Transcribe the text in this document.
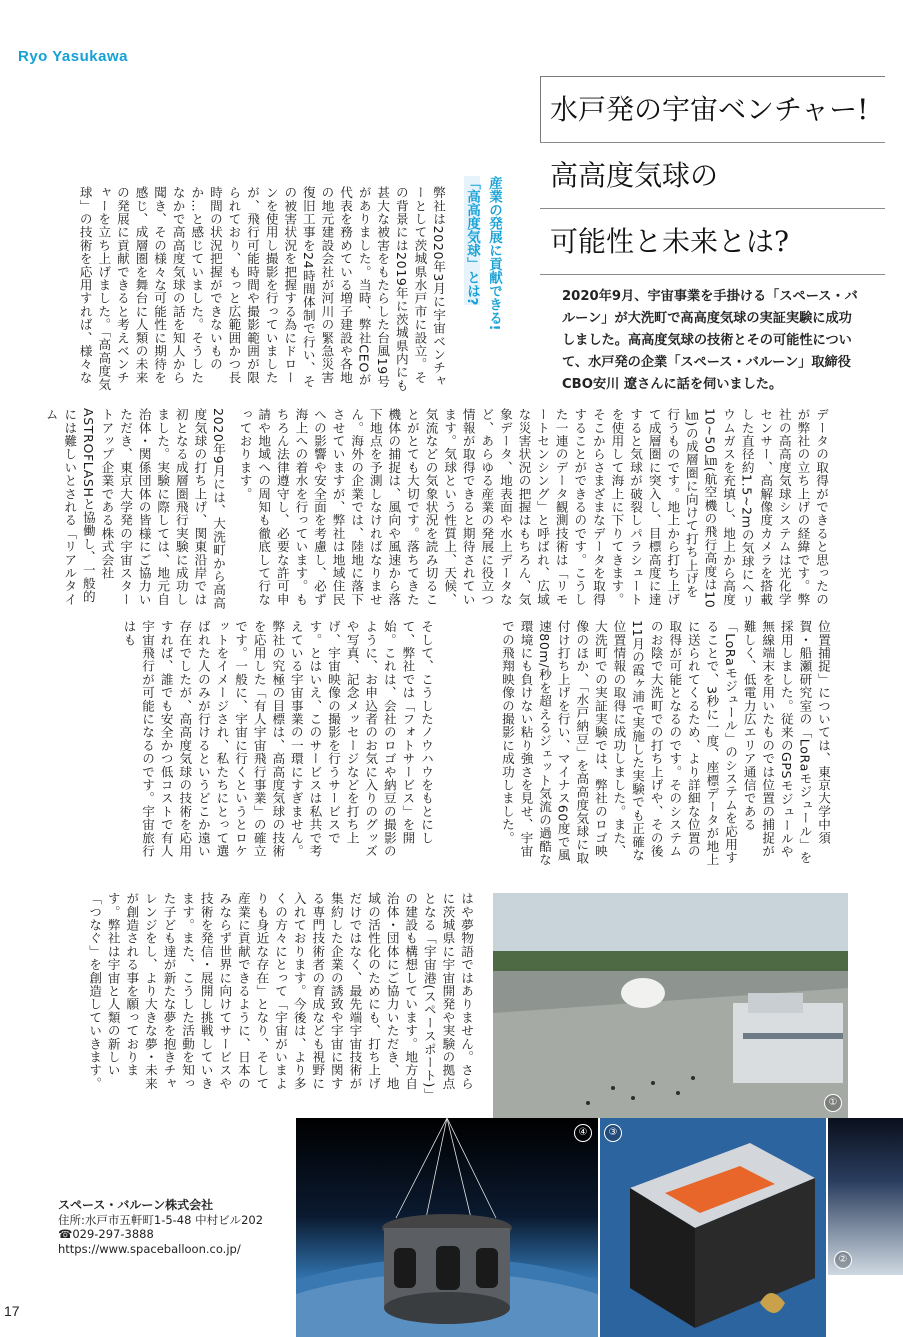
Ryo Yasukawa
水戸発の宇宙ベンチャー!
高高度気球の
可能性と未来とは?
2020年9月、宇宙事業を手掛ける「スペース・バルーン」が大洗町で高高度気球の実証実験に成功しました。高高度気球の技術とその可能性について、水戸発の企業「スペース・バルーン」取締役CBO安川 遼さんに話を伺いました。
産業の発展に貢献できる!
「高高度気球」とは?
弊社は2020年3月に宇宙ベンチャーとして茨城県水戸市に設立。その背景には2019年に茨城県内にも甚大な被害をもたらした台風19号がありました。当時、弊社CEOが代表を務めている増子建設や各地の地元建設会社が河川の緊急災害復旧工事を24時間体制で行い、その被害状況を把握する為にドローンを使用し撮影を行っていましたが、飛行可能時間や撮影範囲が限られており、もっと広範囲かつ長時間の状況把握ができないものか…と感じていました。そうしたなかで高高度気球の話を知人から聞き、その様々な可能性に期待を感じ、成層圏を舞台に人類の未来の発展に貢献できると考えベンチャーを立ち上げました。「高高度気球」の技術を応用すれば、様々な
データの取得ができると思ったのが弊社の立ち上げの経緯です。弊社の高高度気球システムは光化学センサー、高解像度カメラを搭載した直径約1.5~2mの気球にヘリウムガスを充填し、地上から高度10~50㎞(航空機の飛行高度は10㎞)の成層圏に向けて打ち上げを行うものです。地上から打ち上げて成層圏に突入し、目標高度に達すると気球が破裂しパラシュートを使用して海上に下りてきます。そこからさまざまなデータを取得することができるのです。こうした一連のデータ観測技術は「リモートセンシング」と呼ばれ、広域な災害状況の把握はもちろん、気象データ、地表面や水上データなど、あらゆる産業の発展に役立つ情報が取得できると期待されています。気球という性質上、天候、気流などの気象状況を読み切ることがとても大切です。落ちてきた機体の捕捉は、風向や風速から落下地点を予測しなければなりません。海外の企業では、陸地に落下させていますが、弊社は地域住民への影響や安全面を考慮し、必ず海上への着水を行っています。もちろん法律遵守し、必要な許可申請や地域への周知も徹底して行なっております。
2020年9月には、大洗町から高高度気球の打ち上げ、関東沿岸では初となる成層圏飛行実験に成功しました。実験に際しては、地元自治体・関係団体の皆様にご協力いただき、東京大学発の宇宙スタートアップ企業である株式会社ASTROFLASHと協働し、一般的には難しいとされる「リアルタイム
位置捕捉」については、東京大学中須賀・船瀬研究室の「LoRaモジュール」を採用しました。従来のGPSモジュールや無線端末を用いたものでは位置の捕捉が難しく、低電力広エリア通信である「LoRaモジュール」のシステムを応用することで、3秒に一度、座標データが地上に送られてくるため、より詳細な位置の取得が可能となるのです。そのシステムのお陰で大洗町での打ち上げや、その後11月の霞ヶ浦で実施した実験でも正確な位置情報の取得に成功しました。また、大洗町での実証実験では、弊社のロゴ映像のほか、「水戸納豆」を高高度気球に取付け打ち上げを行い、マイナス60度で風速80m/秒を超えるジェット気流の過酷な環境にも負けない粘り強さを見せ、宇宙での飛翔映像の撮影に成功しました。
そして、こうしたノウハウをもとにして、弊社では「フォトサービス」を開始。これは、会社のロゴや納豆の撮影のように、お申込者のお気に入りのグッズや写真、記念メッセージなどを打ち上げ、宇宙映像の撮影を行うサービスです。とはいえ、このサービスは私共で考えている宇宙事業の一環にすぎません。弊社の究極の目標は、高高度気球の技術を応用した「有人宇宙飛行事業」の確立です。一般に、宇宙に行くというとロケットをイメージされ、私たちにとって選ばれた人のみが行けるというどこか遠い存在でしたが、高高度気球の技術を応用すれば、誰でも安全かつ低コストで有人宇宙飛行が可能になるのです。宇宙旅行はも
はや夢物語ではありません。さらに茨城県に宇宙開発や実験の拠点となる「宇宙港(スペースポート)」の建設も構想しています。地方自治体・団体にご協力いただき、地域の活性化のためにも、打ち上げだけではなく、最先端宇宙技術が集約した企業の誘致や宇宙に関する専門技術者の育成なども視野に入れております。今後は、より多くの方々にとって「宇宙がいまよりも身近な存在」となり、そして産業に貢献できるように、日本のみならず世界に向けてサービスや技術を発信・展開し挑戦していきます。また、こうした活動を知った子ども達が新たな夢を抱きチャレンジをし、より大きな夢・未来が創造される事を願っております。弊社は宇宙と人類の新しい「つなぐ」を創造していきます。
①
④	③
②
スペース・バルーン株式会社
住所:水戸市五軒町1-5-48 中村ビル202
☎029-297-3888
https://www.spaceballoon.co.jp/
17
